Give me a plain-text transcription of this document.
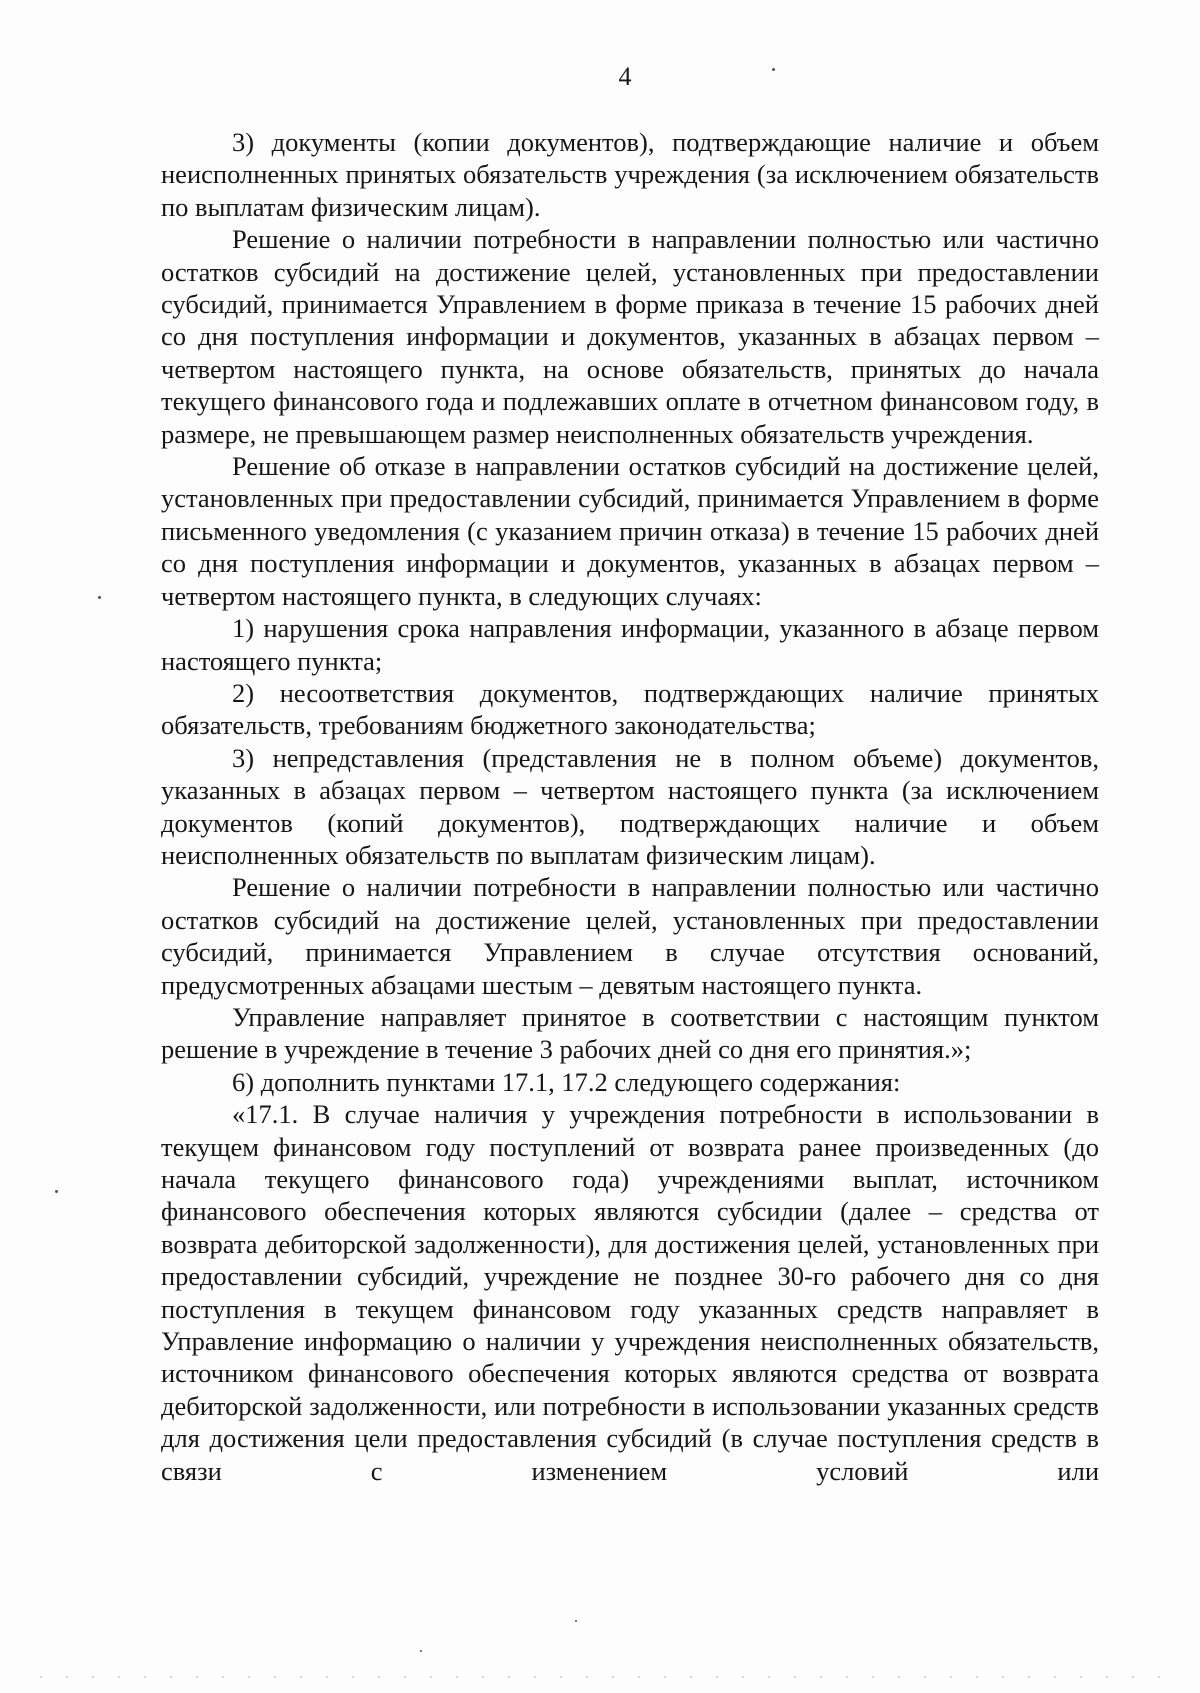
4

3) документы (копии документов), подтверждающие наличие и объем неисполненных принятых обязательств учреждения (за исключением обязательств по выплатам физическим лицам).

Решение о наличии потребности в направлении полностью или частично остатков субсидий на достижение целей, установленных при предоставлении субсидий, принимается Управлением в форме приказа в течение 15 рабочих дней со дня поступления информации и документов, указанных в абзацах первом – четвертом настоящего пункта, на основе обязательств, принятых до начала текущего финансового года и подлежавших оплате в отчетном финансовом году, в размере, не превышающем размер неисполненных обязательств учреждения.

Решение об отказе в направлении остатков субсидий на достижение целей, установленных при предоставлении субсидий, принимается Управлением в форме письменного уведомления (с указанием причин отказа) в течение 15 рабочих дней со дня поступления информации и документов, указанных в абзацах первом – четвертом настоящего пункта, в следующих случаях:

1) нарушения срока направления информации, указанного в абзаце первом настоящего пункта;

2) несоответствия документов, подтверждающих наличие принятых обязательств, требованиям бюджетного законодательства;

3) непредставления (представления не в полном объеме) документов, указанных в абзацах первом – четвертом настоящего пункта (за исключением документов (копий документов), подтверждающих наличие и объем неисполненных обязательств по выплатам физическим лицам).

Решение о наличии потребности в направлении полностью или частично остатков субсидий на достижение целей, установленных при предоставлении субсидий, принимается Управлением в случае отсутствия оснований, предусмотренных абзацами шестым – девятым настоящего пункта.

Управление направляет принятое в соответствии с настоящим пунктом решение в учреждение в течение 3 рабочих дней со дня его принятия.»;

6) дополнить пунктами 17.1, 17.2 следующего содержания:

«17.1. В случае наличия у учреждения потребности в использовании в текущем финансовом году поступлений от возврата ранее произведенных (до начала текущего финансового года) учреждениями выплат, источником финансового обеспечения которых являются субсидии (далее – средства от возврата дебиторской задолженности), для достижения целей, установленных при предоставлении субсидий, учреждение не позднее 30-го рабочего дня со дня поступления в текущем финансовом году указанных средств направляет в Управление информацию о наличии у учреждения неисполненных обязательств, источником финансового обеспечения которых являются средства от возврата дебиторской задолженности, или потребности в использовании указанных средств для достижения цели предоставления субсидий (в случае поступления средств в связи с изменением условий или
